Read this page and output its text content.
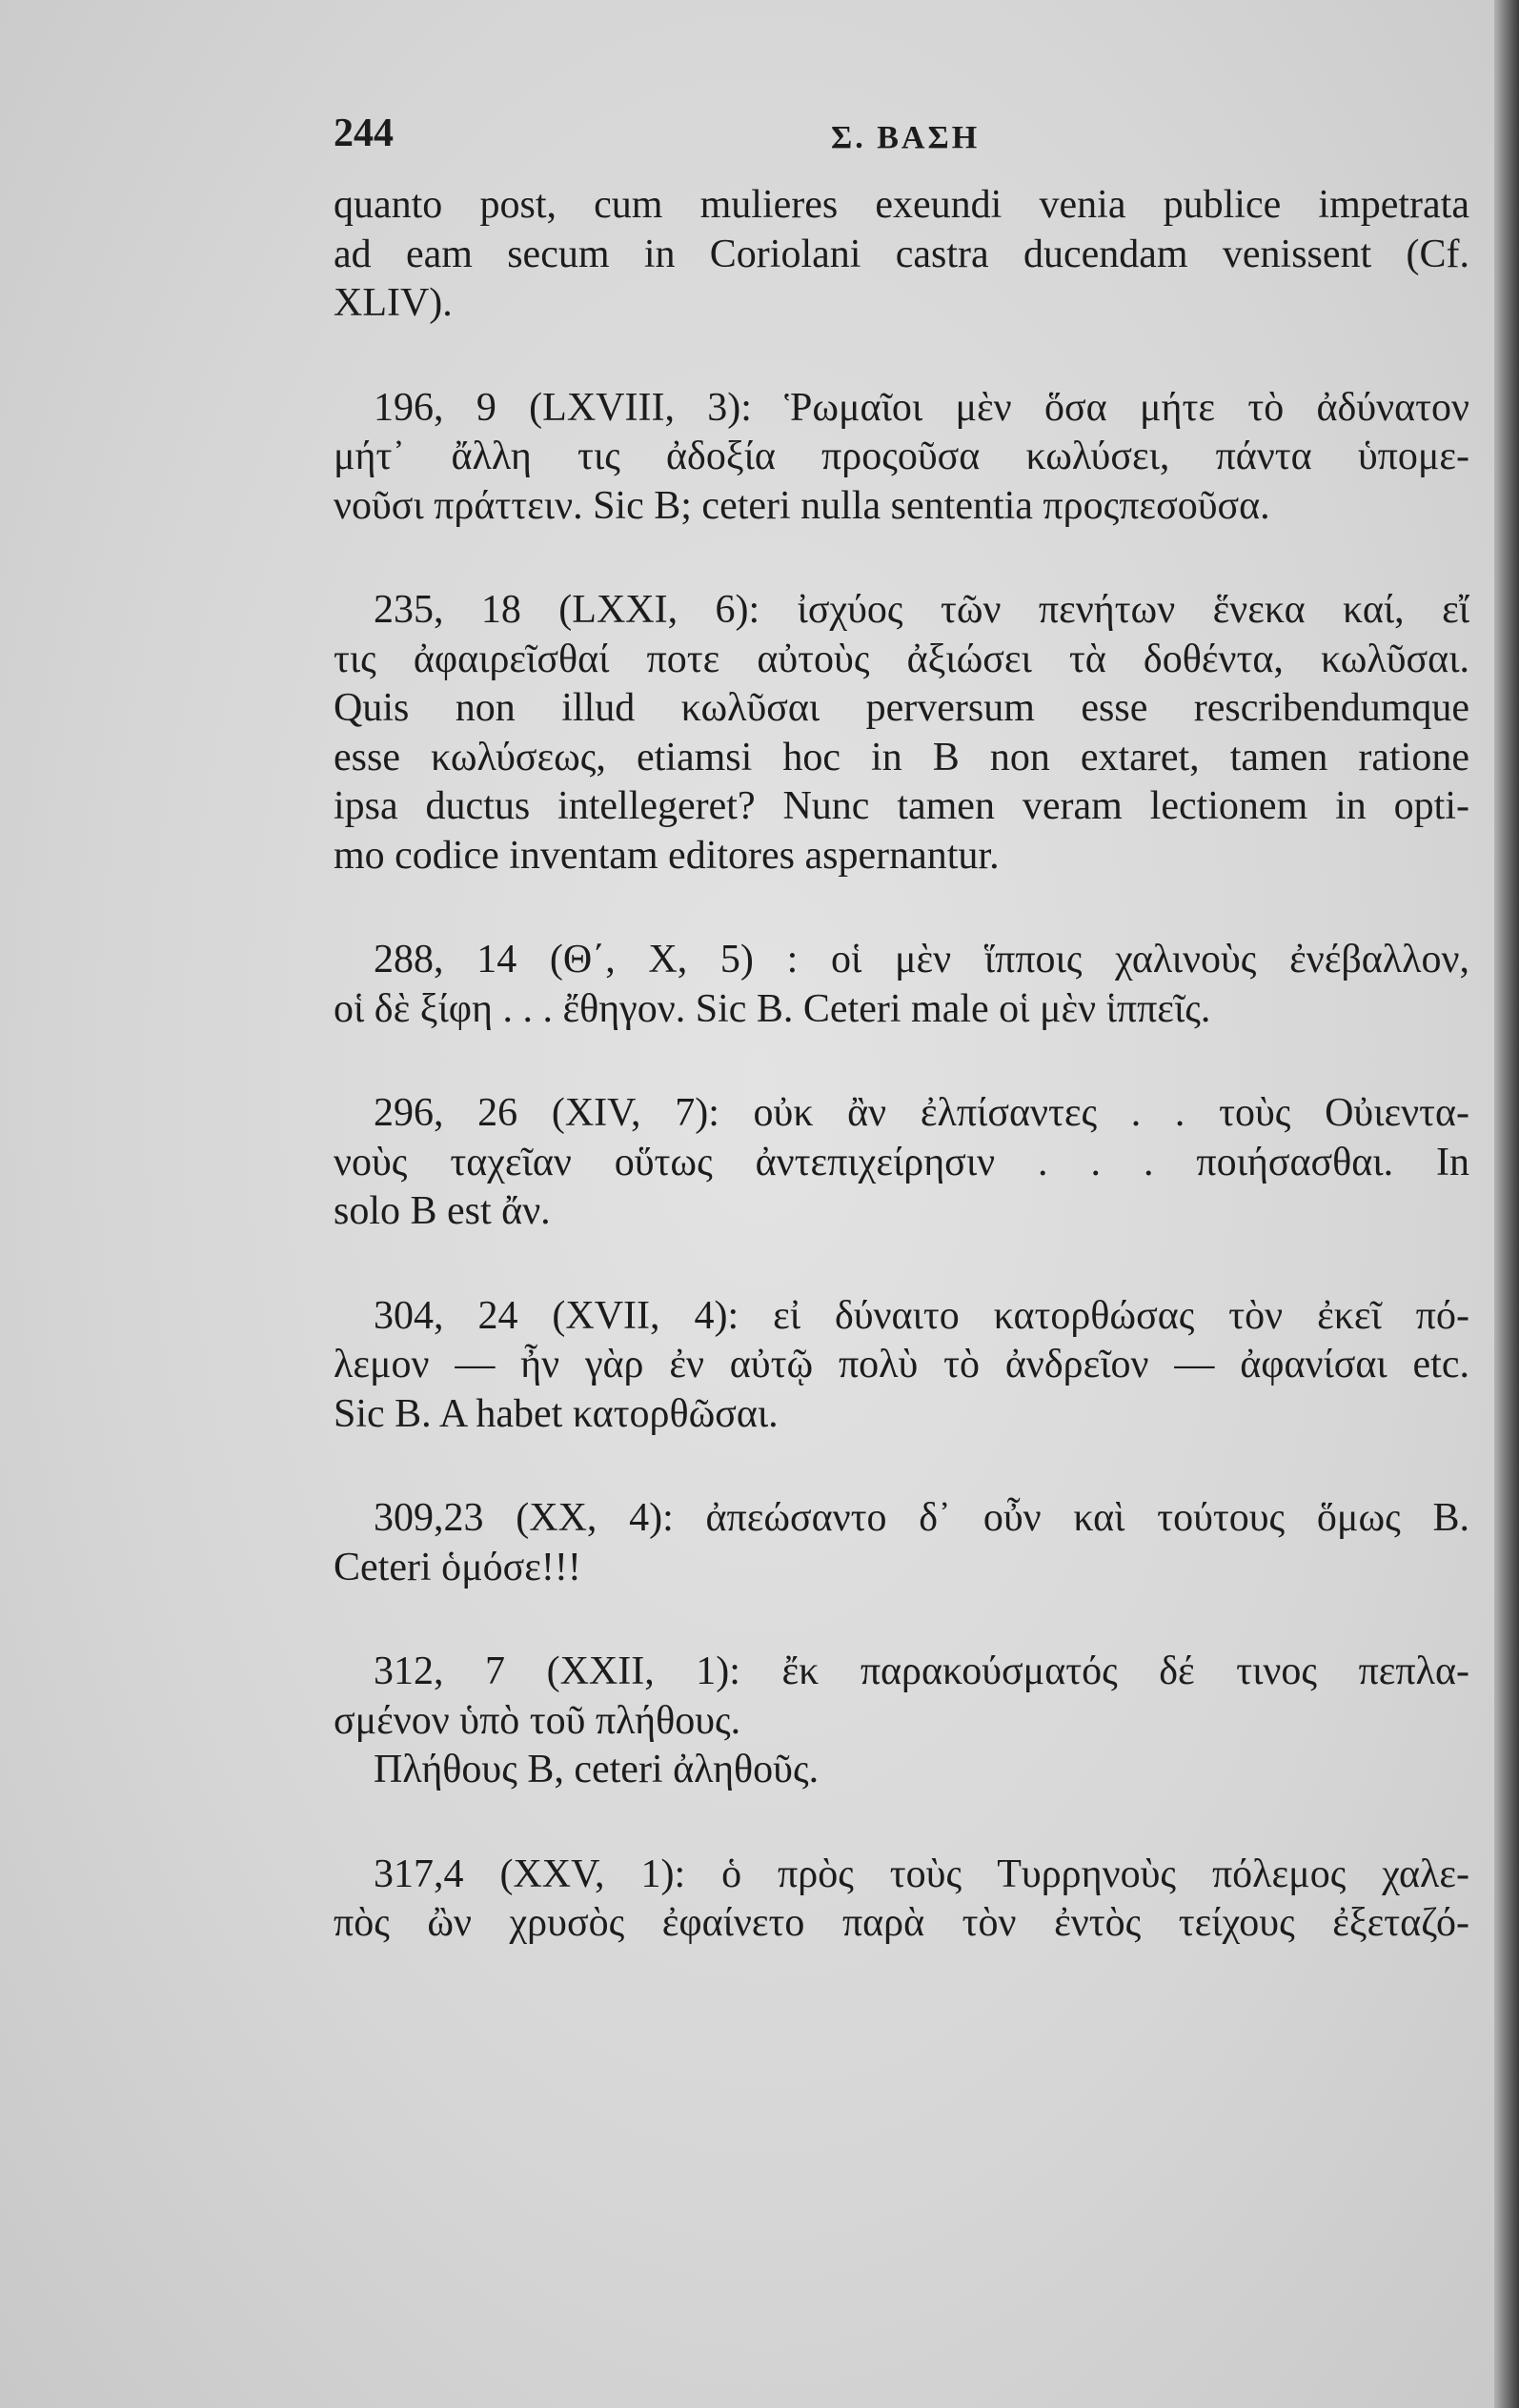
244	Σ. ΒΑΣΗ
quanto post, cum mulieres exeundi venia publice impetrata
ad eam secum in Coriolani castra ducendam venissent (Cf.
XLIV).
196, 9 (LXVIII, 3): Ῥωμαῖοι μὲν ὅσα μήτε τὸ ἀδύνατον
μήτ᾽ ἄλλη τις ἀδοξία προςοῦσα κωλύσει, πάντα ὑπομε-
νοῦσι πράττειν. Sic B; ceteri nulla sententia προςπεσοῦσα.
235, 18 (LXXI, 6): ἰσχύος τῶν πενήτων ἕνεκα καί, εἴ
τις ἀφαιρεῖσθαί ποτε αὐτοὺς ἀξιώσει τὰ δοθέντα, κωλῦσαι.
Quis non illud κωλῦσαι perversum esse rescribendumque
esse κωλύσεως, etiamsi hoc in B non extaret, tamen ratione
ipsa ductus intellegeret? Nunc tamen veram lectionem in opti-
mo codice inventam editores aspernantur.
288, 14 (Θ΄, X, 5) : οἱ μὲν ἵπποις χαλινοὺς ἐνέβαλλον,
οἱ δὲ ξίφη . . . ἔθηγον. Sic B. Ceteri male οἱ μὲν ἱππεῖς.
296, 26 (XIV, 7): οὐκ ἂν ἐλπίσαντες . . τοὺς Οὐιεντα-
νοὺς ταχεῖαν οὕτως ἀντεπιχείρησιν . . . ποιήσασθαι. In
solo B est ἄν.
304, 24 (XVII, 4): εἰ δύναιτο κατορθώσας τὸν ἐκεῖ πό-
λεμον — ἦν γὰρ ἐν αὐτῷ πολὺ τὸ ἀνδρεῖον — ἀφανίσαι etc.
Sic B. A habet κατορθῶσαι.
309,23 (XX, 4): ἀπεώσαντο δ᾽ οὖν καὶ τούτους ὅμως B.
Ceteri ὁμόσε!!!
312, 7 (XXII, 1): ἔκ παρακούσματός δέ τινος πεπλα-
σμένον ὑπὸ τοῦ πλήθους.
Πλήθους B, ceteri ἀληθοῦς.
317,4 (XXV, 1): ὁ πρὸς τοὺς Τυρρηνοὺς πόλεμος χαλε-
πὸς ὢν χρυσὸς ἐφαίνετο παρὰ τὸν ἐντὸς τείχους ἐξεταζό-
